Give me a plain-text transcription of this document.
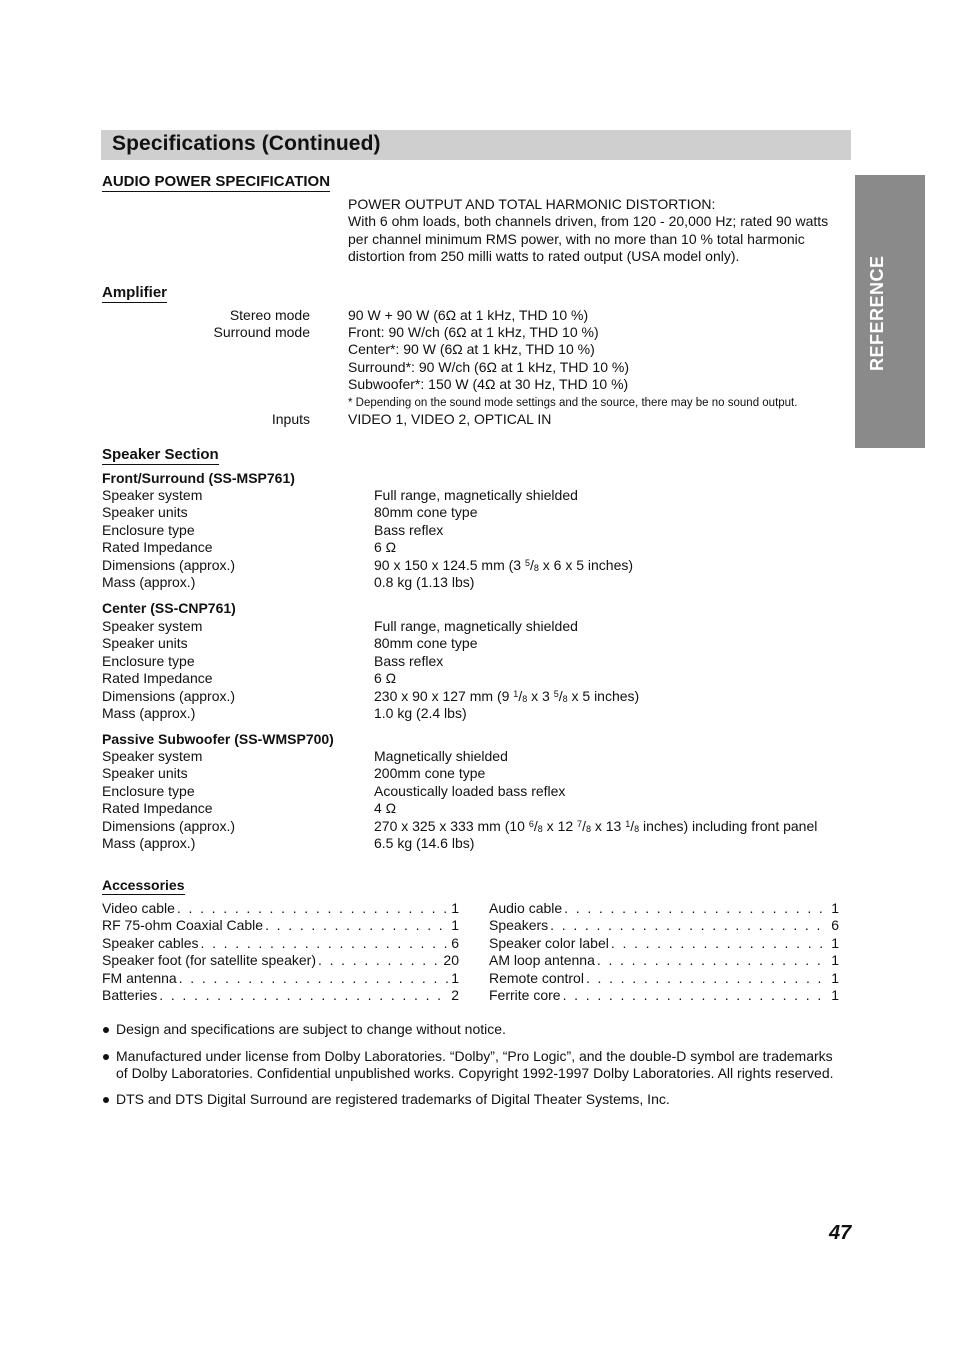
Specifications (Continued)
REFERENCE
AUDIO POWER SPECIFICATION
POWER OUTPUT AND TOTAL HARMONIC DISTORTION:
With 6 ohm loads, both channels driven, from 120 - 20,000 Hz; rated 90 watts
per channel minimum RMS power, with no more than 10 % total harmonic
distortion from 250 milli watts to rated output (USA model only).
Amplifier
Stereo mode	90 W + 90 W (6Ω at 1 kHz, THD 10 %)
Surround mode	Front: 90 W/ch (6Ω at 1 kHz, THD 10 %)
Center*: 90 W (6Ω at 1 kHz, THD 10 %)
Surround*: 90 W/ch (6Ω at 1 kHz, THD 10 %)
Subwoofer*: 150 W (4Ω at 30 Hz, THD 10 %)
* Depending on the sound mode settings and the source, there may be no sound output.
Inputs	VIDEO 1, VIDEO 2, OPTICAL IN
Speaker Section
Front/Surround (SS-MSP761)
Speaker system	Full range, magnetically shielded
Speaker units	80mm cone type
Enclosure type	Bass reflex
Rated Impedance	6 Ω
Dimensions (approx.)	90 x 150 x 124.5 mm (3 $^5/_8$ x 6 x 5 inches)
Mass (approx.)	0.8 kg (1.13 lbs)
Center (SS-CNP761)
Speaker system	Full range, magnetically shielded
Speaker units	80mm cone type
Enclosure type	Bass reflex
Rated Impedance	6 Ω
Dimensions (approx.)	230 x 90 x 127 mm (9 $^1/_8$ x 3 $^5/_8$ x 5 inches)
Mass (approx.)	1.0 kg (2.4 lbs)
Passive Subwoofer (SS-WMSP700)
Speaker system	Magnetically shielded
Speaker units	200mm cone type
Enclosure type	Acoustically loaded bass reflex
Rated Impedance	4 Ω
Dimensions (approx.)	270 x 325 x 333 mm (10 $^6/_8$ x 12 $^7/_8$ x 13 $^1/_8$ inches) including front panel
Mass (approx.)	6.5 kg (14.6 lbs)
Accessories
Video cable . . .	1
RF 75-ohm Coaxial Cable . . .	1
Speaker cables . . .	6
Speaker foot (for satellite speaker) . . .	20
FM antenna . . .	1
Batteries . . .	2
Audio cable . . .	1
Speakers . . .	6
Speaker color label . . .	1
AM loop antenna . . .	1
Remote control . . .	1
Ferrite core . . .	1
Design and specifications are subject to change without notice.
Manufactured under license from Dolby Laboratories. “Dolby”, “Pro Logic”, and the double-D symbol are trademarks
of Dolby Laboratories. Confidential unpublished works. Copyright 1992-1997 Dolby Laboratories. All rights reserved.
DTS and DTS Digital Surround are registered trademarks of Digital Theater Systems, Inc.
47
